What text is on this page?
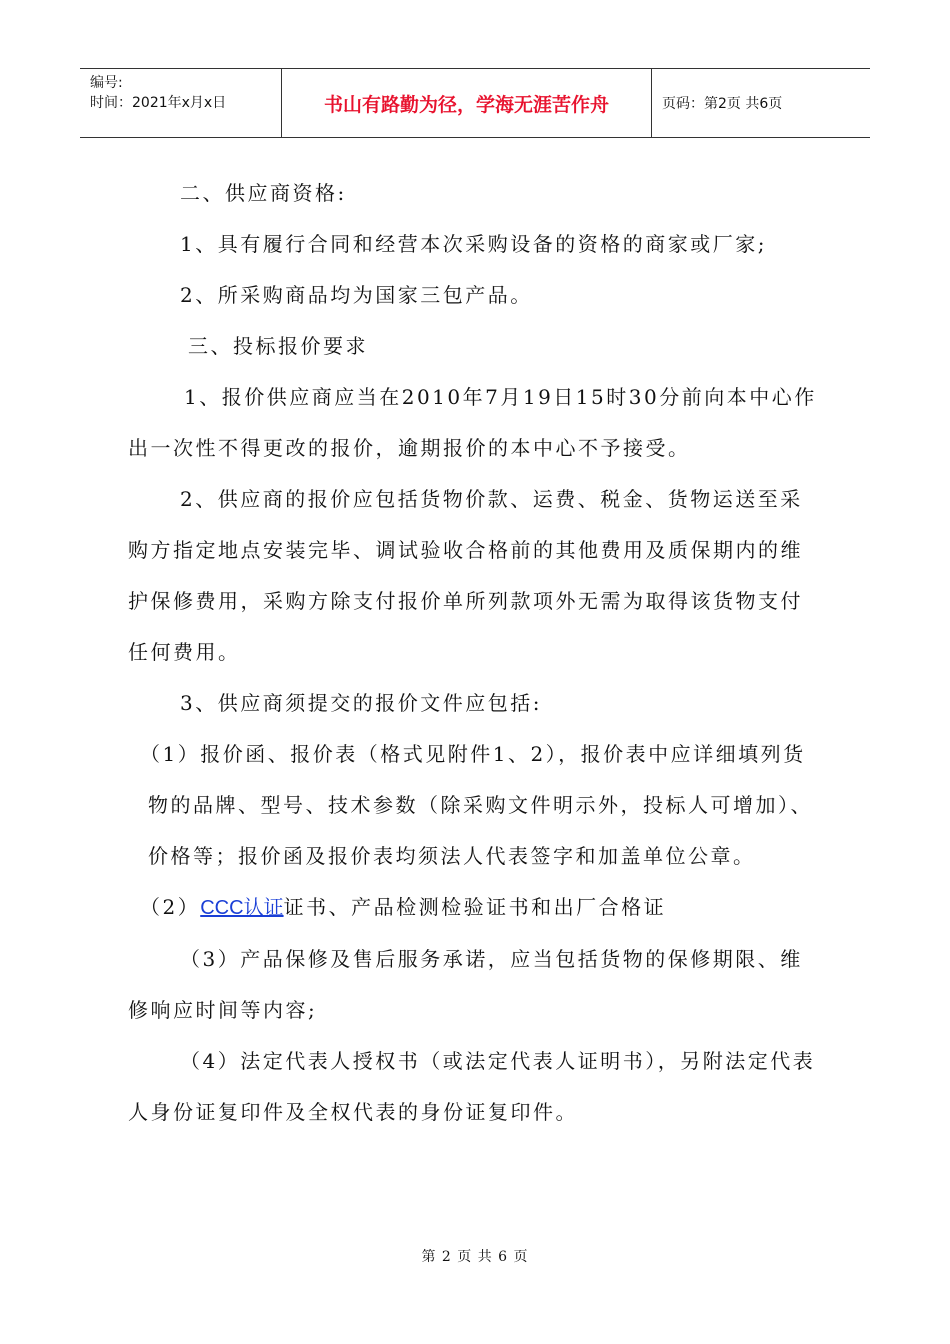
编号:
时间：2021年x月x日	书山有路勤为径，学海无涯苦作舟	页码：第2页 共6页

二、供应商资格:

1、具有履行合同和经营本次采购设备的资格的商家或厂家;

2、所采购商品均为国家三包产品。

三、投标报价要求

1、报价供应商应当在2010年7月19日15时30分前向本中心作出一次性不得更改的报价，逾期报价的本中心不予接受。

2、供应商的报价应包括货物价款、运费、税金、货物运送至采购方指定地点安装完毕、调试验收合格前的其他费用及质保期内的维护保修费用，采购方除支付报价单所列款项外无需为取得该货物支付任何费用。

3、供应商须提交的报价文件应包括:

（1）报价函、报价表（格式见附件1、2），报价表中应详细填列货物的品牌、型号、技术参数（除采购文件明示外，投标人可增加）、价格等；报价函及报价表均须法人代表签字和加盖单位公章。

（2）CCC认证证书、产品检测检验证书和出厂合格证

（3）产品保修及售后服务承诺，应当包括货物的保修期限、维修响应时间等内容;

（4）法定代表人授权书（或法定代表人证明书），另附法定代表人身份证复印件及全权代表的身份证复印件。

第 2 页 共 6 页
